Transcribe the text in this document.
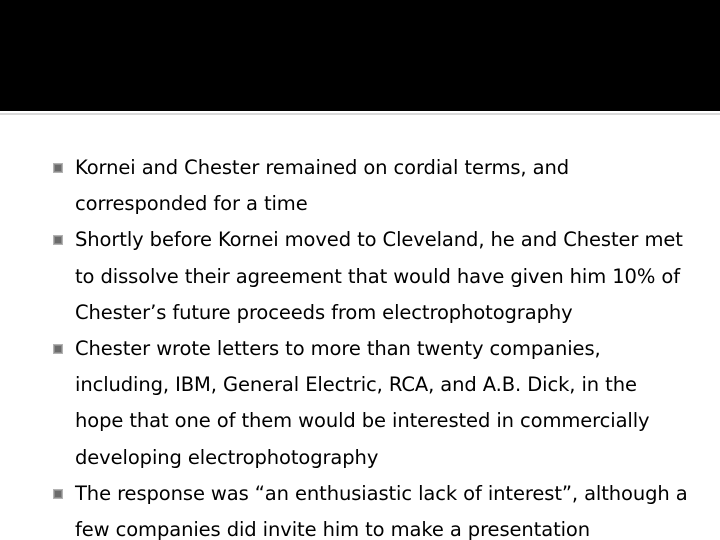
Kornei and Chester remained on cordial terms, and corresponded for a time
Shortly before Kornei moved to Cleveland, he and Chester met to dissolve their agreement that would have given him 10% of Chester’s future proceeds from electrophotography
Chester wrote letters to more than twenty companies, including, IBM, General Electric, RCA, and A.B. Dick, in the hope that one of them would be interested in commercially developing electrophotography
The response was “an enthusiastic lack of interest”, although a few companies did invite him to make a presentation
